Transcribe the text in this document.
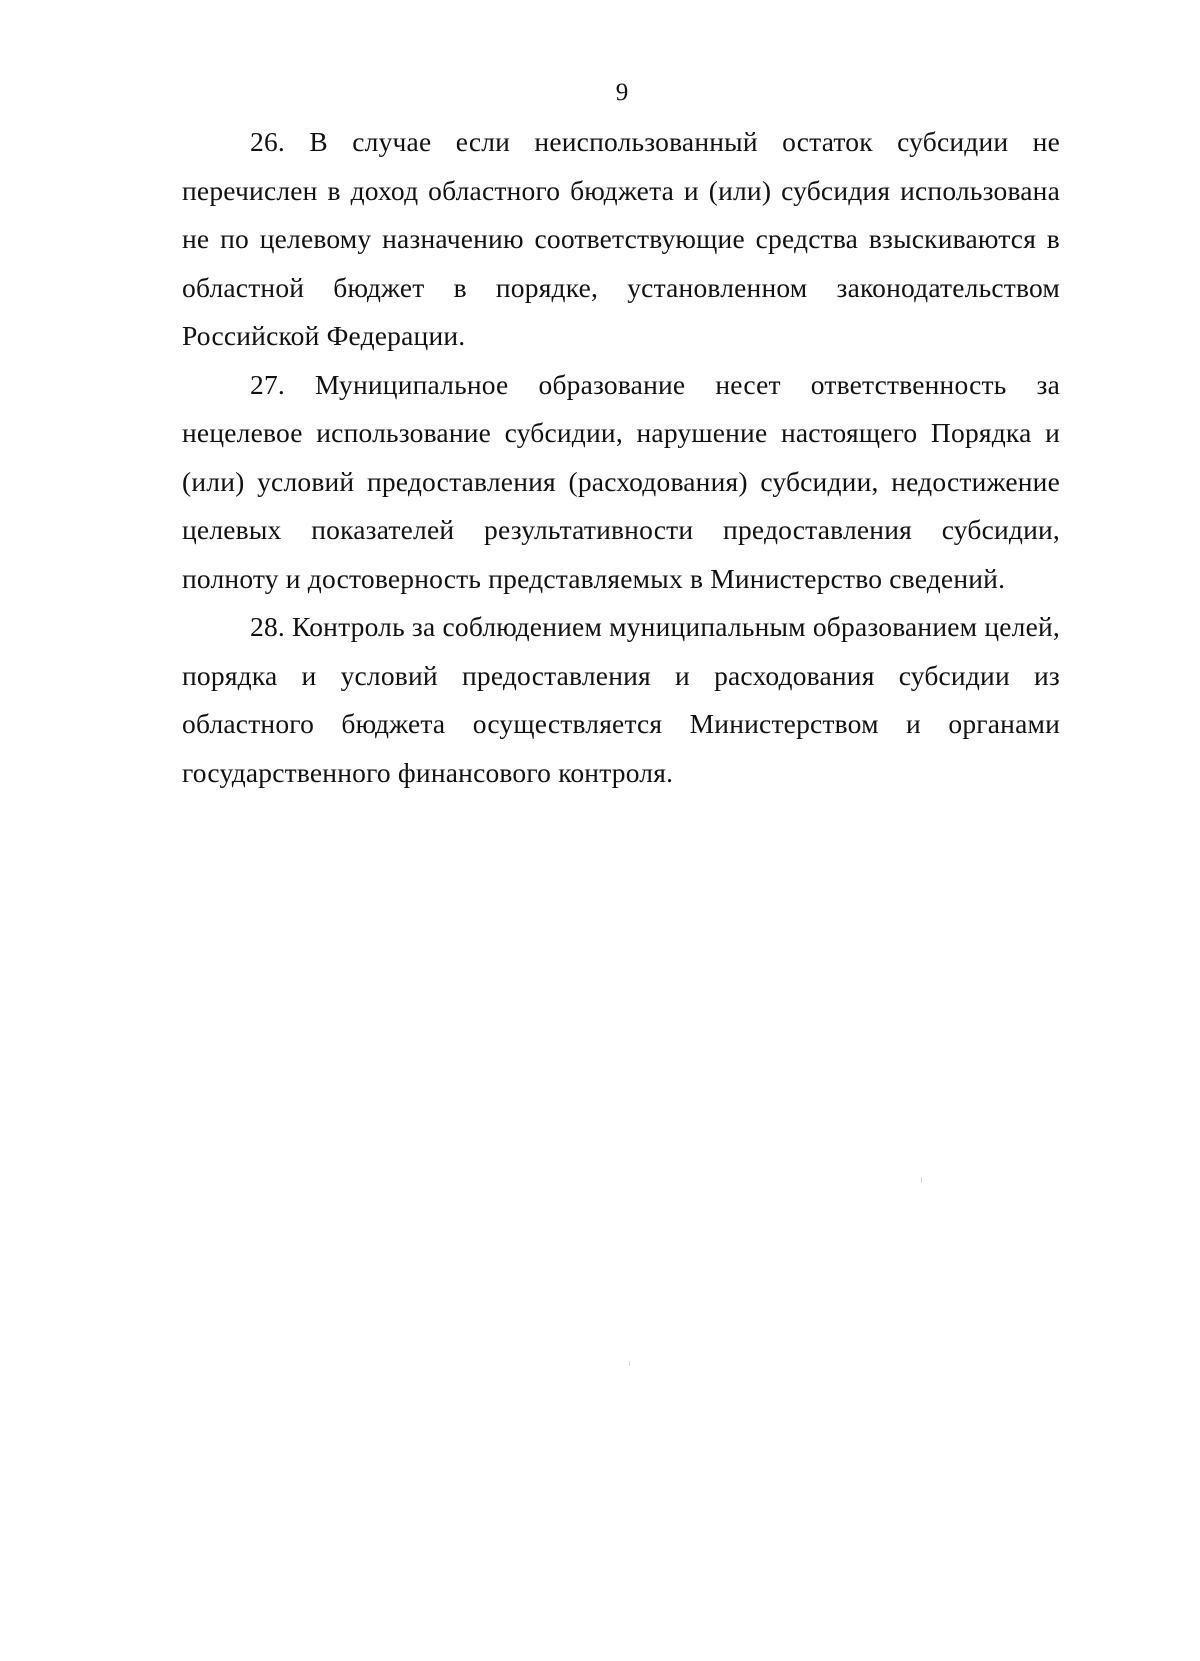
9

26. В случае если неиспользованный остаток субсидии не перечислен в доход областного бюджета и (или) субсидия использована не по целевому назначению соответствующие средства взыскиваются в областной бюджет в порядке, установленном законодательством Российской Федерации.

27. Муниципальное образование несет ответственность за нецелевое использование субсидии, нарушение настоящего Порядка и (или) условий предоставления (расходования) субсидии, недостижение целевых показателей результативности предоставления субсидии, полноту и достоверность представляемых в Министерство сведений.

28. Контроль за соблюдением муниципальным образованием целей, порядка и условий предоставления и расходования субсидии из областного бюджета осуществляется Министерством и органами государственного финансового контроля.
